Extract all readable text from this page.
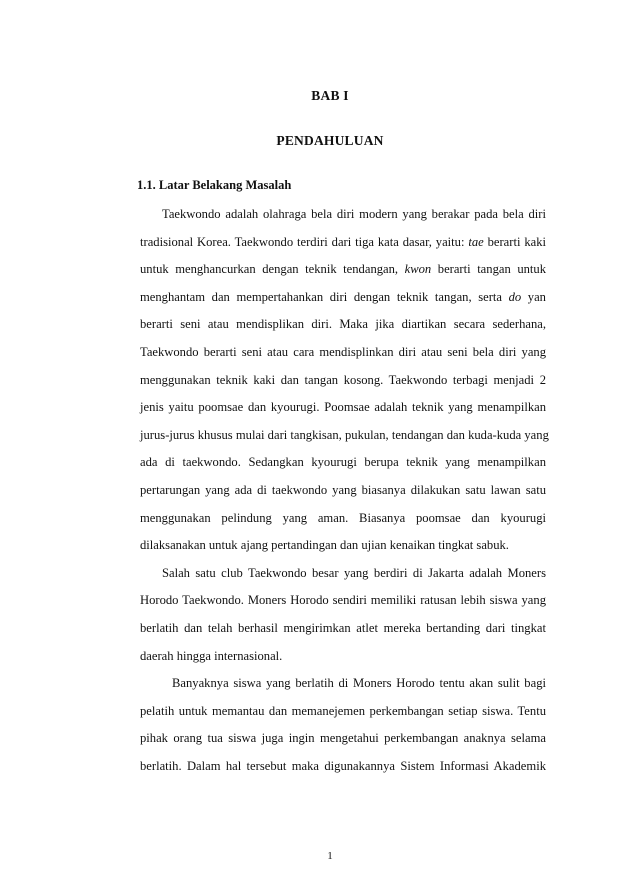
BAB I
PENDAHULUAN
1.1. Latar Belakang Masalah
Taekwondo adalah olahraga bela diri modern yang berakar pada bela diri
tradisional Korea. Taekwondo terdiri dari tiga kata dasar, yaitu: tae berarti kaki
untuk menghancurkan dengan teknik tendangan, kwon berarti tangan untuk
menghantam dan mempertahankan diri dengan teknik tangan, serta do yan
berarti seni atau mendisplikan diri. Maka jika diartikan secara sederhana,
Taekwondo berarti seni atau cara mendisplinkan diri atau seni bela diri yang
menggunakan teknik kaki dan tangan kosong. Taekwondo terbagi menjadi 2
jenis yaitu poomsae dan kyourugi. Poomsae adalah teknik yang menampilkan
jurus-jurus khusus mulai dari tangkisan, pukulan, tendangan dan kuda-kuda yang
ada di taekwondo. Sedangkan kyourugi berupa teknik yang menampilkan
pertarungan yang ada di taekwondo yang biasanya dilakukan satu lawan satu
menggunakan pelindung yang aman. Biasanya poomsae dan kyourugi
dilaksanakan untuk ajang pertandingan dan ujian kenaikan tingkat sabuk.
Salah satu club Taekwondo besar yang berdiri di Jakarta adalah Moners
Horodo Taekwondo. Moners Horodo sendiri memiliki ratusan lebih siswa yang
berlatih dan telah berhasil mengirimkan atlet mereka bertanding dari tingkat
daerah hingga internasional.
Banyaknya siswa yang berlatih di Moners Horodo tentu akan sulit bagi
pelatih untuk memantau dan memanejemen perkembangan setiap siswa. Tentu
pihak orang tua siswa juga ingin mengetahui perkembangan anaknya selama
berlatih. Dalam hal tersebut maka digunakannya Sistem Informasi Akademik
1
